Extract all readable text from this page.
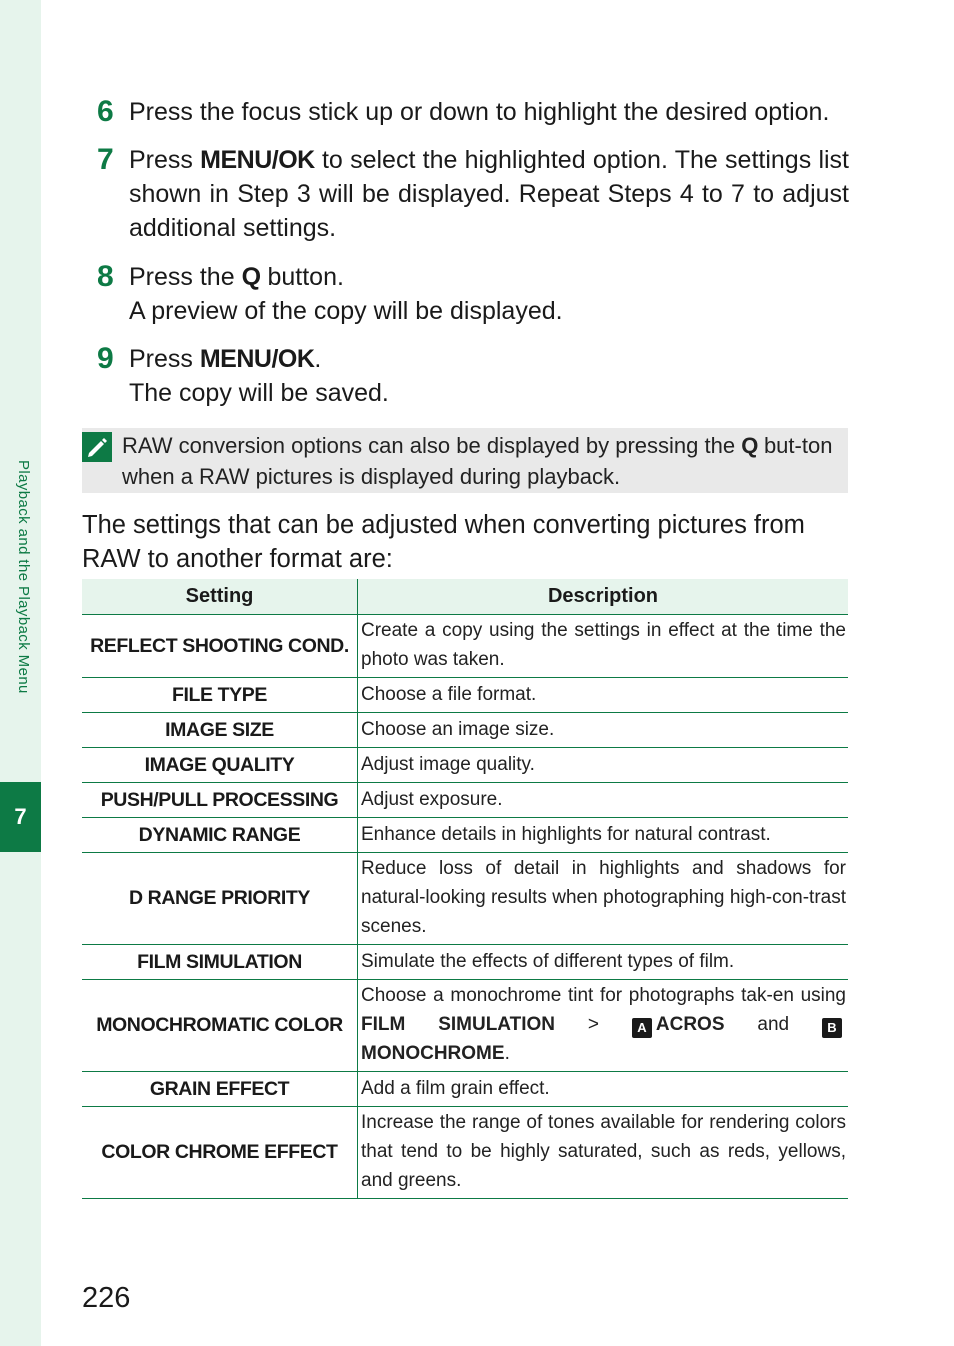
Playback and the Playback Menu
7
6 Press the focus stick up or down to highlight the desired option.
7 Press MENU/OK to select the highlighted option. The settings list shown in Step 3 will be displayed. Repeat Steps 4 to 7 to adjust additional settings.
8 Press the Q button.
A preview of the copy will be displayed.
9 Press MENU/OK.
The copy will be saved.
RAW conversion options can also be displayed by pressing the Q but-ton when a RAW pictures is displayed during playback.
The settings that can be adjusted when converting pictures from RAW to another format are:
Setting	Description
REFLECT SHOOTING COND.	Create a copy using the settings in effect at the time the photo was taken.
FILE TYPE	Choose a file format.
IMAGE SIZE	Choose an image size.
IMAGE QUALITY	Adjust image quality.
PUSH/PULL PROCESSING	Adjust exposure.
DYNAMIC RANGE	Enhance details in highlights for natural contrast.
D RANGE PRIORITY	Reduce loss of detail in highlights and shadows for natural-looking results when photographing high-con-trast scenes.
FILM SIMULATION	Simulate the effects of different types of film.
MONOCHROMATIC COLOR	Choose a monochrome tint for photographs tak-en using FILM SIMULATION > A ACROS and BMONOCHROME.
GRAIN EFFECT	Add a film grain effect.
COLOR CHROME EFFECT	Increase the range of tones available for rendering colors that tend to be highly saturated, such as reds, yellows, and greens.
226
